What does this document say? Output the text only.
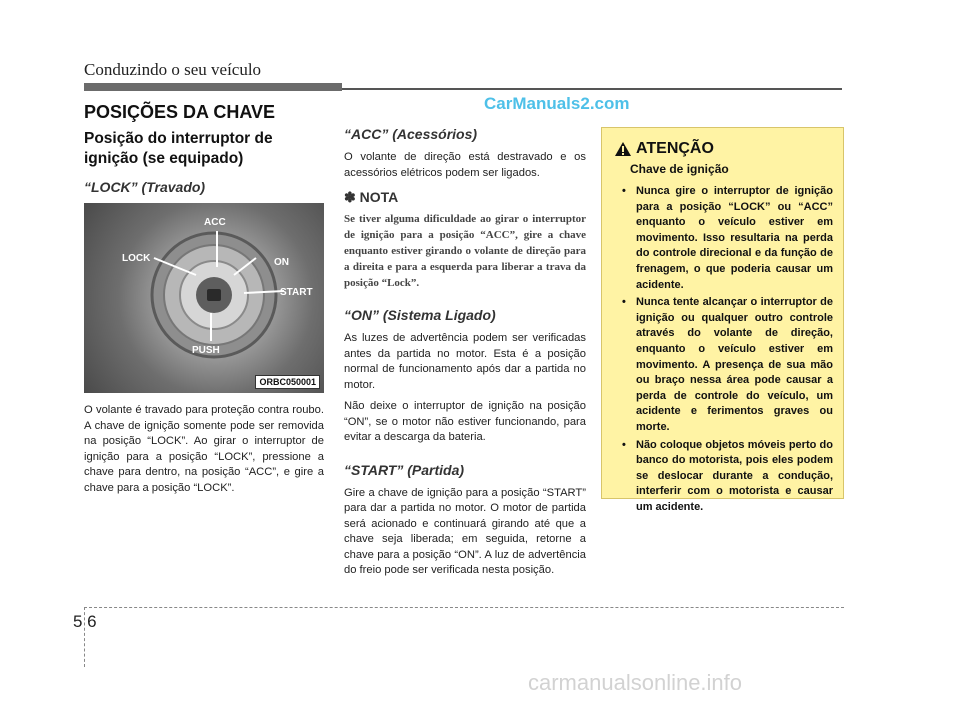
Conduzindo o seu veículo
CarManuals2.com
POSIÇÕES DA CHAVE
Posição do interruptor de ignição (se equipado)
“LOCK” (Travado)
ACC
LOCK	ON
START
PUSH
ORBC050001
O volante é travado para proteção contra roubo. A chave de ignição somente pode ser removida na posição “LOCK”. Ao girar o interruptor de ignição para a posição “LOCK”, pressione a chave para dentro, na posição “ACC”, e gire a chave para a posição “LOCK”.
“ACC” (Acessórios)
O volante de direção está destravado e os acessórios elétricos podem ser ligados.
✽ NOTA
Se tiver alguma dificuldade ao girar o interruptor de ignição para a posição “ACC”, gire a chave enquanto estiver girando o volante de direção para a direita e para a esquerda para liberar a trava da posição “Lock”.
“ON” (Sistema Ligado)
As luzes de advertência podem ser verificadas antes da partida no motor. Esta é a posição normal de funcionamento após dar a partida no motor.
Não deixe o interruptor de ignição na posição “ON”, se o motor não estiver funcionando, para evitar a descarga da bateria.
“START” (Partida)
Gire a chave de ignição para a posição “START” para dar a partida no motor. O motor de partida será acionado e continuará girando até que a chave seja liberada; em seguida, retorne a chave para a posição “ON”. A luz de advertência do freio pode ser verificada nesta posição.
ATENÇÃO
Chave de ignição
• Nunca gire o interruptor de ignição para a posição “LOCK” ou “ACC” enquanto o veículo estiver em movimento. Isso resultaria na perda do controle direcional e da função de frenagem, o que poderia causar um acidente.
• Nunca tente alcançar o interruptor de ignição ou qualquer outro controle através do volante de direção, enquanto o veículo estiver em movimento. A presença de sua mão ou braço nessa área pode causar a perda de controle do veículo, um acidente e ferimentos graves ou morte.
• Não coloque objetos móveis perto do banco do motorista, pois eles podem se deslocar durante a condução, interferir com o motorista e causar um acidente.
5 6
carmanualsonline.info
